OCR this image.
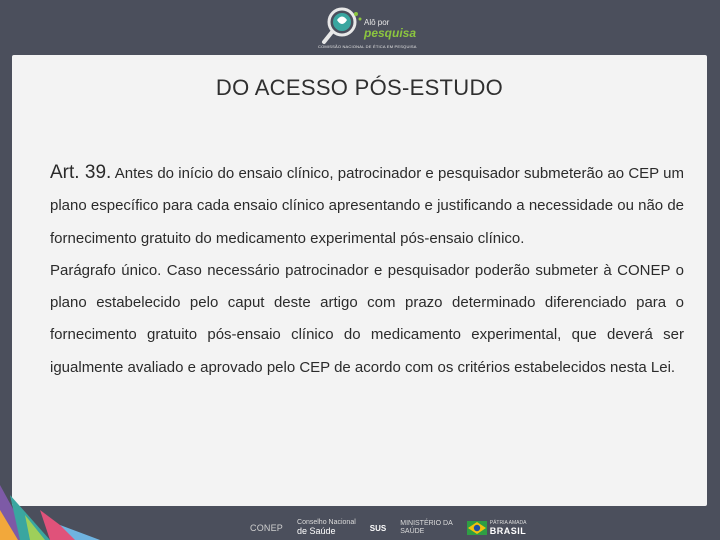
Alô por
pesquisa
COMISSÃO NACIONAL DE ÉTICA EM PESQUISA
DO ACESSO PÓS-ESTUDO

Art. 39. Antes do início do ensaio clínico, patrocinador e pesquisador submeterão ao CEP um plano específico para cada ensaio clínico apresentando e justificando a necessidade ou não de fornecimento gratuito do medicamento experimental pós-ensaio clínico.

Parágrafo único. Caso necessário patrocinador e pesquisador poderão submeter à CONEP o plano estabelecido pelo caput deste artigo com prazo determinado diferenciado para o fornecimento gratuito pós-ensaio clínico do medicamento experimental, que deverá ser igualmente avaliado e aprovado pelo CEP de acordo com os critérios estabelecidos nesta Lei.

CONEP
Conselho Nacional
de Saúde	SUS MINISTÉRIO DA
SAÚDE
PÁTRIA AMADA
BRASIL
